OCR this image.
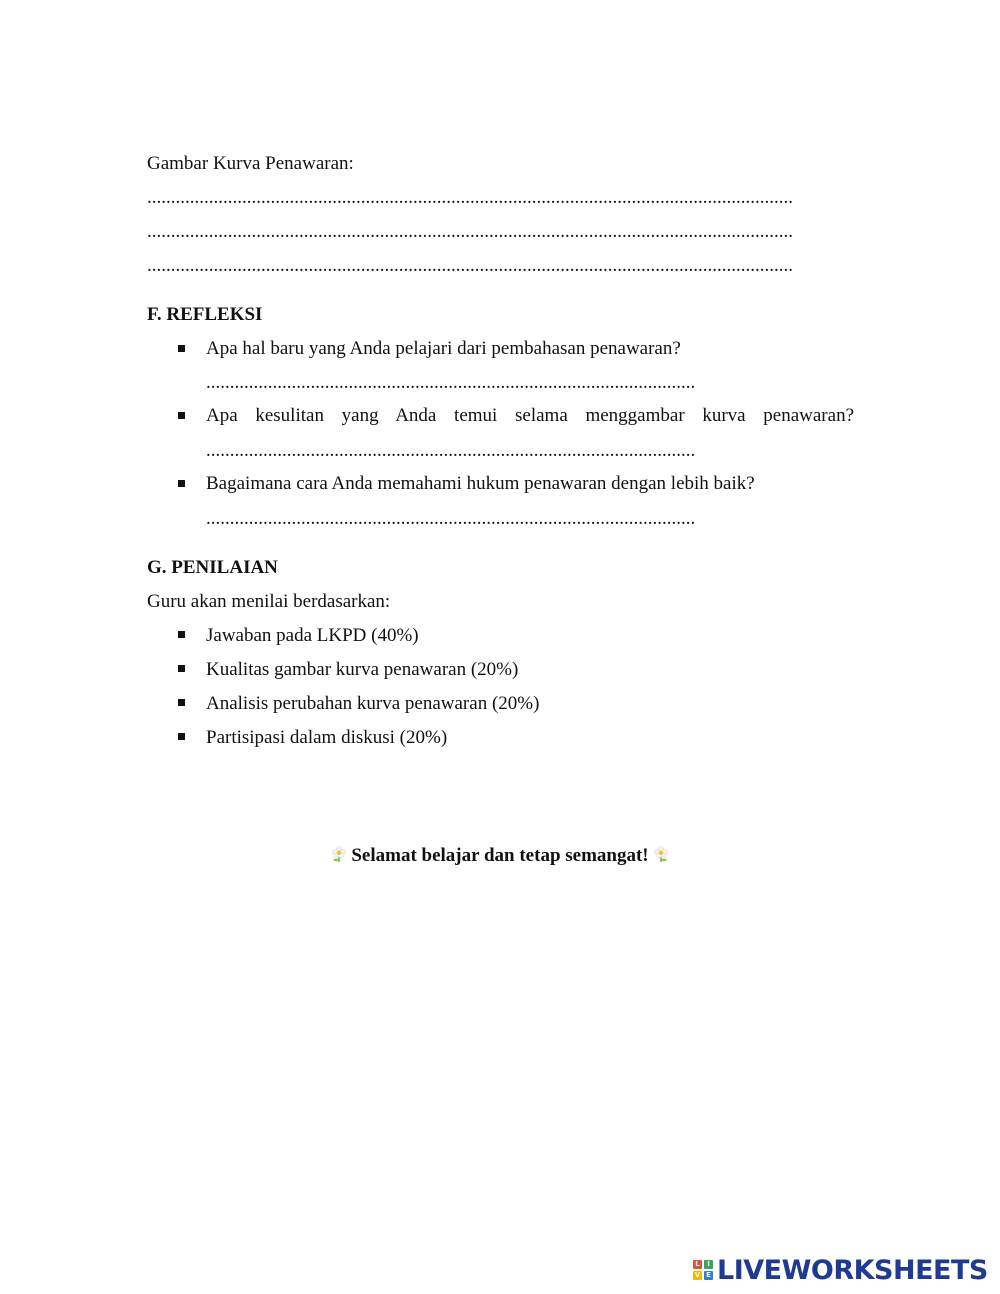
Gambar Kurva Penawaran:
........................................................................................................................................
........................................................................................................................................
........................................................................................................................................
F. REFLEKSI
Apa hal baru yang Anda pelajari dari pembahasan penawaran?
.......................................................................................................
Apa kesulitan yang Anda temui selama menggambar kurva penawaran?
.......................................................................................................
Bagaimana cara Anda memahami hukum penawaran dengan lebih baik?
.......................................................................................................
G. PENILAIAN
Guru akan menilai berdasarkan:
Jawaban pada LKPD (40%)
Kualitas gambar kurva penawaran (20%)
Analisis perubahan kurva penawaran (20%)
Partisipasi dalam diskusi (20%)
Selamat belajar dan tetap semangat!
L	I
V E LIVEWORKSHEETS
